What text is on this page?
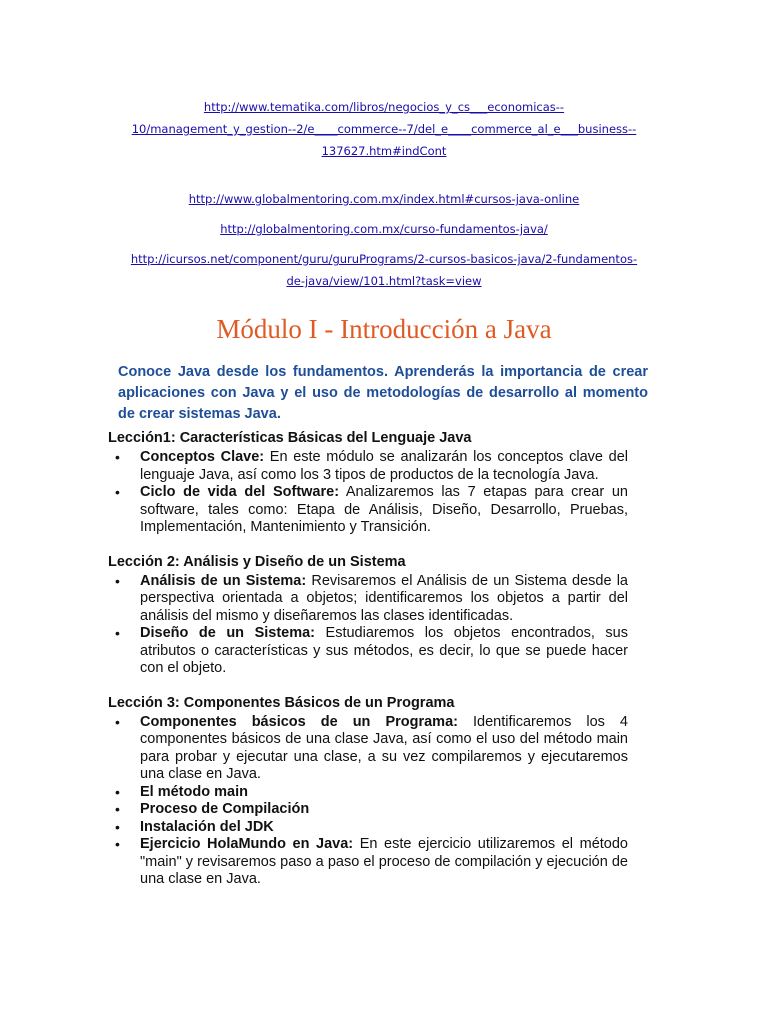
http://www.tematika.com/libros/negocios_y_cs___economicas--
10/management_y_gestion--2/e____commerce--7/del_e____commerce_al_e___business--
137627.htm#indCont
http://www.globalmentoring.com.mx/index.html#cursos-java-online
http://globalmentoring.com.mx/curso-fundamentos-java/
http://icursos.net/component/guru/guruPrograms/2-cursos-basicos-java/2-fundamentos-
de-java/view/101.html?task=view
Módulo I - Introducción a Java

Conoce Java desde los fundamentos. Aprenderás la importancia de crear aplicaciones con Java y el uso de metodologías de desarrollo al momento de crear sistemas Java.

Lección1: Características Básicas del Lenguaje Java

• Conceptos Clave: En este módulo se analizarán los conceptos clave del lenguaje Java, así como los 3 tipos de productos de la tecnología Java.
• Ciclo de vida del Software: Analizaremos las 7 etapas para crear un software, tales como: Etapa de Análisis, Diseño, Desarrollo, Pruebas, Implementación, Mantenimiento y Transición.

Lección 2: Análisis y Diseño de un Sistema

• Análisis de un Sistema: Revisaremos el Análisis de un Sistema desde la perspectiva orientada a objetos; identificaremos los objetos a partir del análisis del mismo y diseñaremos las clases identificadas.
• Diseño de un Sistema: Estudiaremos los objetos encontrados, sus atributos o características y sus métodos, es decir, lo que se puede hacer con el objeto.

Lección 3: Componentes Básicos de un Programa

• Componentes básicos de un Programa: Identificaremos los 4 componentes básicos de una clase Java, así como el uso del método main para probar y ejecutar una clase, a su vez compilaremos y ejecutaremos una clase en Java.
• El método main
• Proceso de Compilación
• Instalación del JDK
• Ejercicio HolaMundo en Java: En este ejercicio utilizaremos el método "main" y revisaremos paso a paso el proceso de compilación y ejecución de una clase en Java.
